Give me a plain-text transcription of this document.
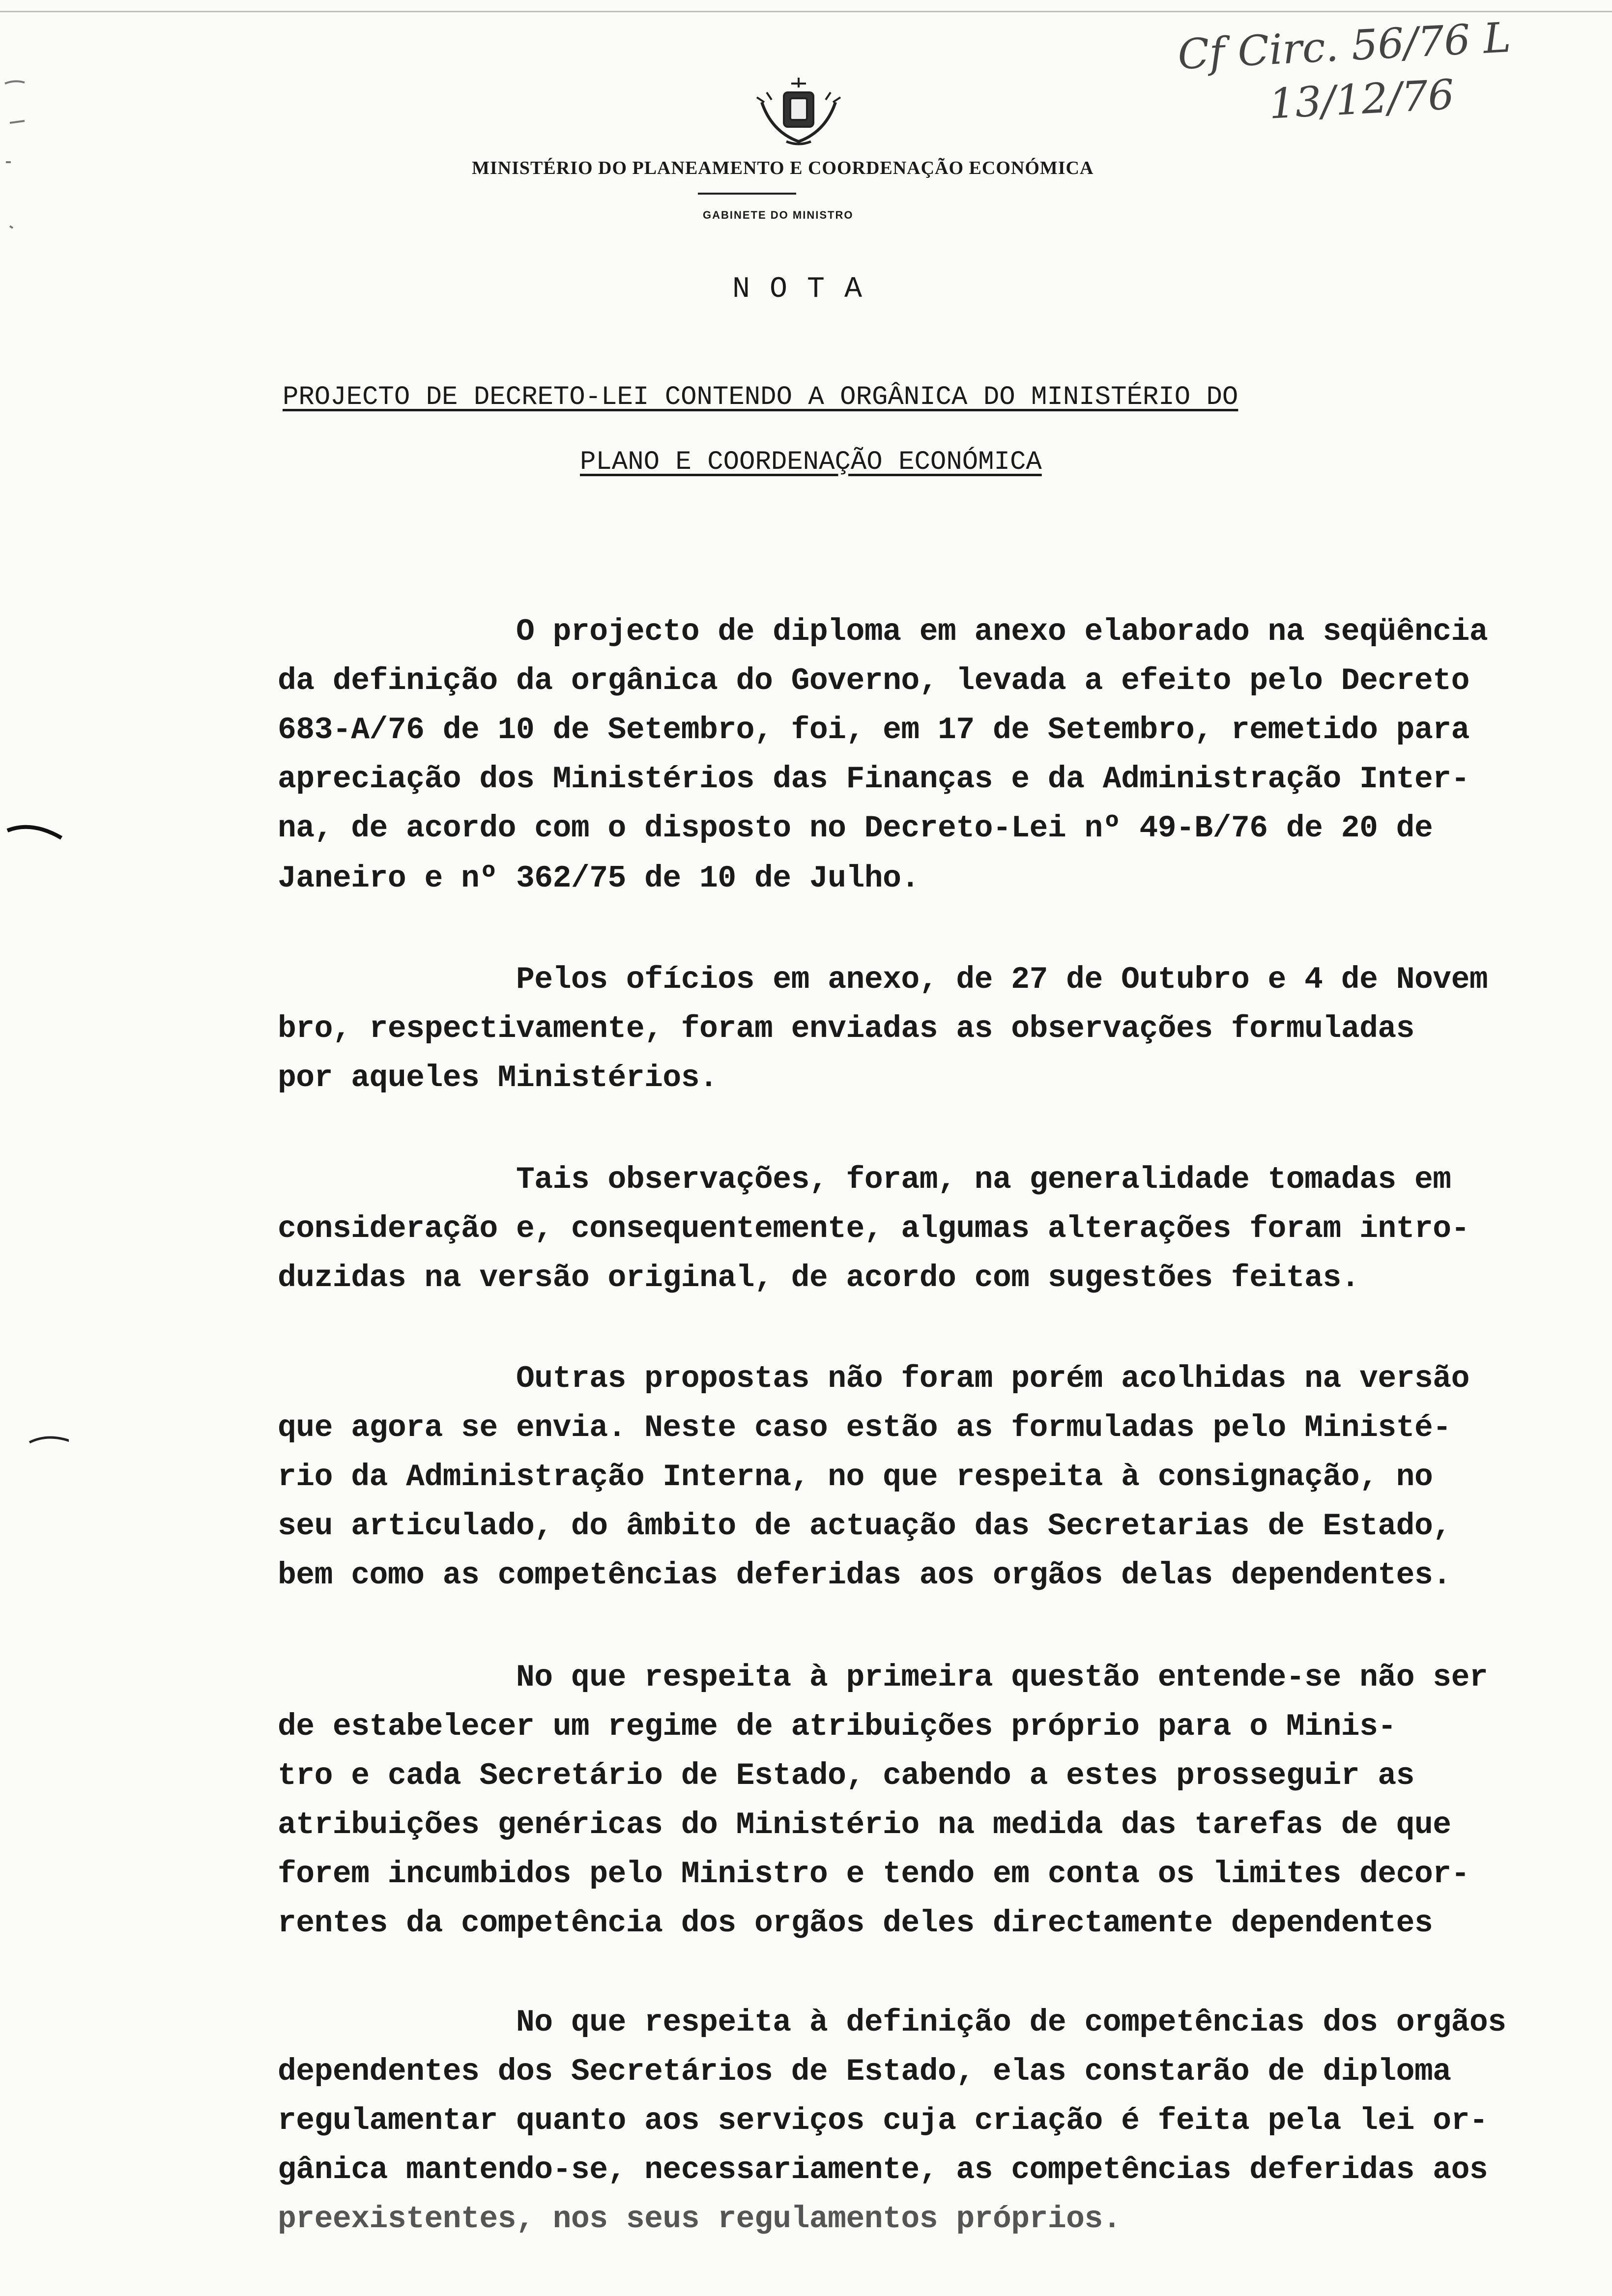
MINISTÉRIO DO PLANEAMENTO E COORDENAÇÃO ECONÓMICA
GABINETE DO MINISTRO
Cf Circ. 56/76 L
13/12/76
NOTA
PROJECTO DE DECRETO-LEI CONTENDO A ORGÂNICA DO MINISTÉRIO DO
PLANO E COORDENAÇÃO ECONÓMICA
O projecto de diploma em anexo elaborado na seqüência
da definição da orgânica do Governo, levada a efeito pelo Decreto
683-A/76 de 10 de Setembro, foi, em 17 de Setembro, remetido para
apreciação dos Ministérios das Finanças e da Administração Inter-
na, de acordo com o disposto no Decreto-Lei nº 49-B/76 de 20 de
Janeiro e nº 362/75 de 10 de Julho.
Pelos ofícios em anexo, de 27 de Outubro e 4 de Novem
bro, respectivamente, foram enviadas as observações formuladas
por aqueles Ministérios.
Tais observações, foram, na generalidade tomadas em
consideração e, consequentemente, algumas alterações foram intro-
duzidas na versão original, de acordo com sugestões feitas.
Outras propostas não foram porém acolhidas na versão
que agora se envia. Neste caso estão as formuladas pelo Ministé-
rio da Administração Interna, no que respeita à consignação, no
seu articulado, do âmbito de actuação das Secretarias de Estado,
bem como as competências deferidas aos orgãos delas dependentes.
No que respeita à primeira questão entende-se não ser
de estabelecer um regime de atribuições próprio para o Minis-
tro e cada Secretário de Estado, cabendo a estes prosseguir as
atribuições genéricas do Ministério na medida das tarefas de que
forem incumbidos pelo Ministro e tendo em conta os limites decor-
rentes da competência dos orgãos deles directamente dependentes
No que respeita à definição de competências dos orgãos
dependentes dos Secretários de Estado, elas constarão de diploma
regulamentar quanto aos serviços cuja criação é feita pela lei or-
gânica mantendo-se, necessariamente, as competências deferidas aos
preexistentes, nos seus regulamentos próprios.
